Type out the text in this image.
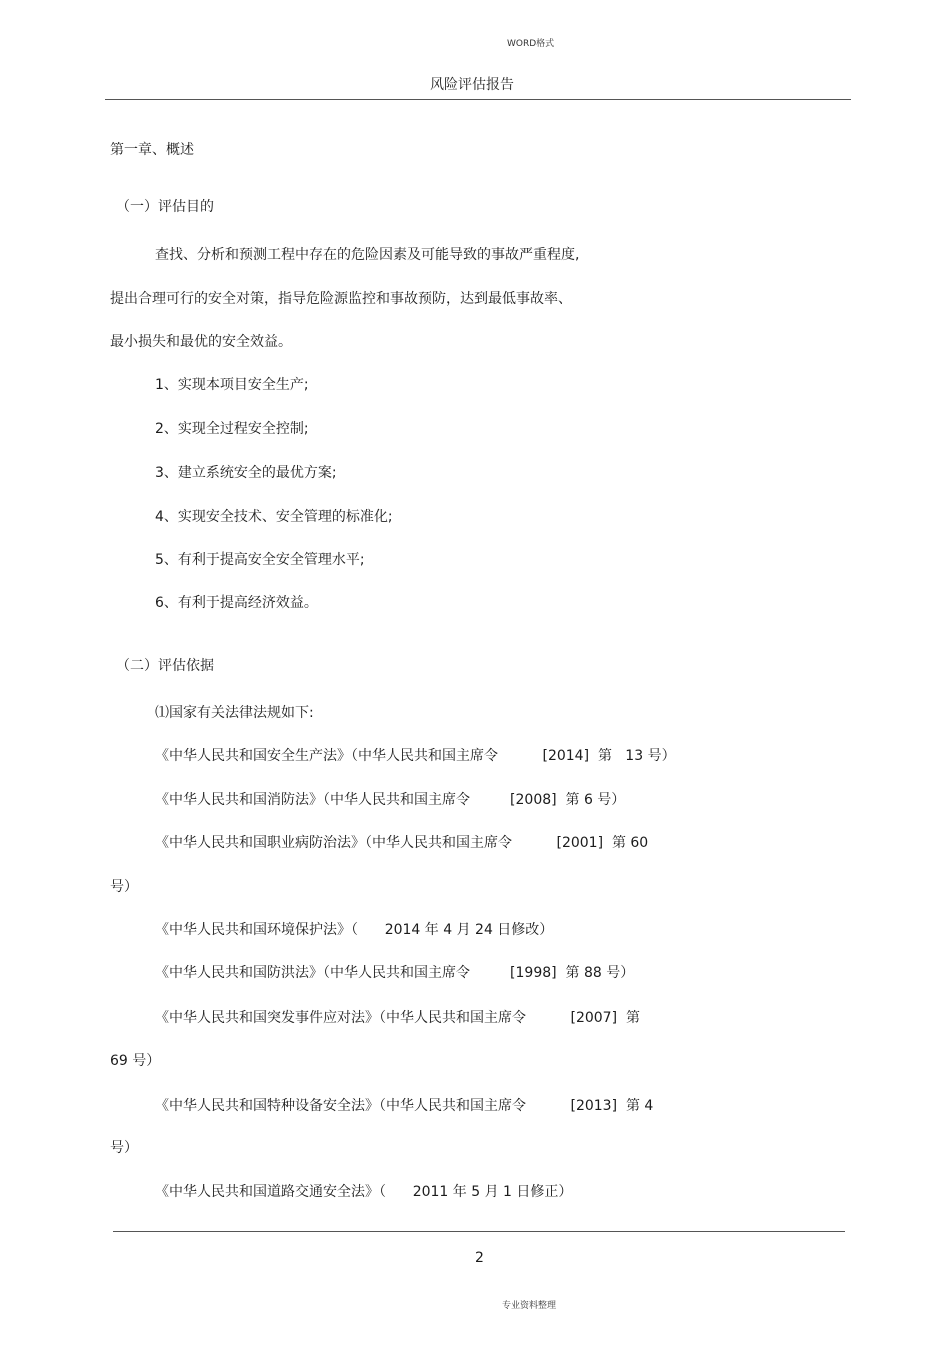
WORD格式
风险评估报告
第一章、概述
（一）评估目的
查找、分析和预测工程中存在的危险因素及可能导致的事故严重程度,
提出合理可行的安全对策，指导危险源监控和事故预防，达到最低事故率、
最小损失和最优的安全效益。
1、实现本项目安全生产;
2、实现全过程安全控制;
3、建立系统安全的最优方案;
4、实现安全技术、安全管理的标准化;
5、有利于提高安全安全管理水平;
6、有利于提高经济效益。
（二）评估依据
⑴国家有关法律法规如下:
《中华人民共和国安全生产法》（中华人民共和国主席令          [2014]  第   13 号）
《中华人民共和国消防法》（中华人民共和国主席令         [2008]  第 6 号）
《中华人民共和国职业病防治法》（中华人民共和国主席令          [2001]  第 60
号）
《中华人民共和国环境保护法》（      2014 年 4 月 24 日修改）
《中华人民共和国防洪法》（中华人民共和国主席令         [1998]  第 88 号）
《中华人民共和国突发事件应对法》（中华人民共和国主席令          [2007]  第
69 号）
《中华人民共和国特种设备安全法》（中华人民共和国主席令          [2013]  第 4
号）
《中华人民共和国道路交通安全法》（      2011 年 5 月 1 日修正）
2
专业资料整理
